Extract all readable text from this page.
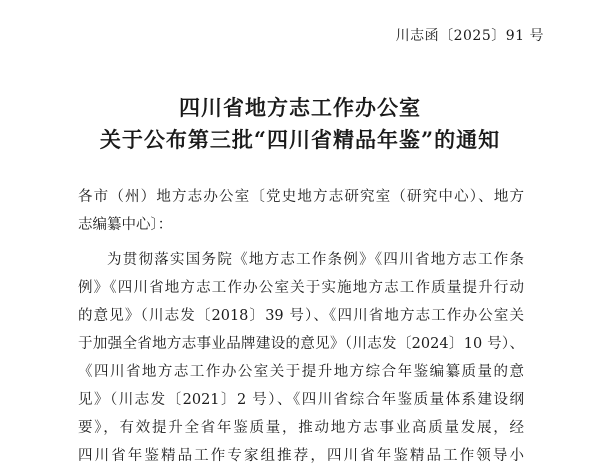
川志函〔2025〕91 号
四川省地方志工作办公室
关于公布第三批“四川省精品年鉴”的通知
各市（州）地方志办公室〔党史地方志研究室（研究中心）、地方
志编纂中心〕：
为贯彻落实国务院《地方志工作条例》《四川省地方志工作条
例》《四川省地方志工作办公室关于实施地方志工作质量提升行动
的意见》（川志发〔2018〕39 号）、《四川省地方志工作办公室关
于加强全省地方志事业品牌建设的意见》（川志发〔2024〕10 号）、
《四川省地方志工作办公室关于提升地方综合年鉴编纂质量的意
见》（川志发〔2021〕2 号）、《四川省综合年鉴质量体系建设纲
要》，有效提升全省年鉴质量，推动地方志事业高质量发展，经
四川省年鉴精品工作专家组推荐，四川省年鉴精品工作领导小
